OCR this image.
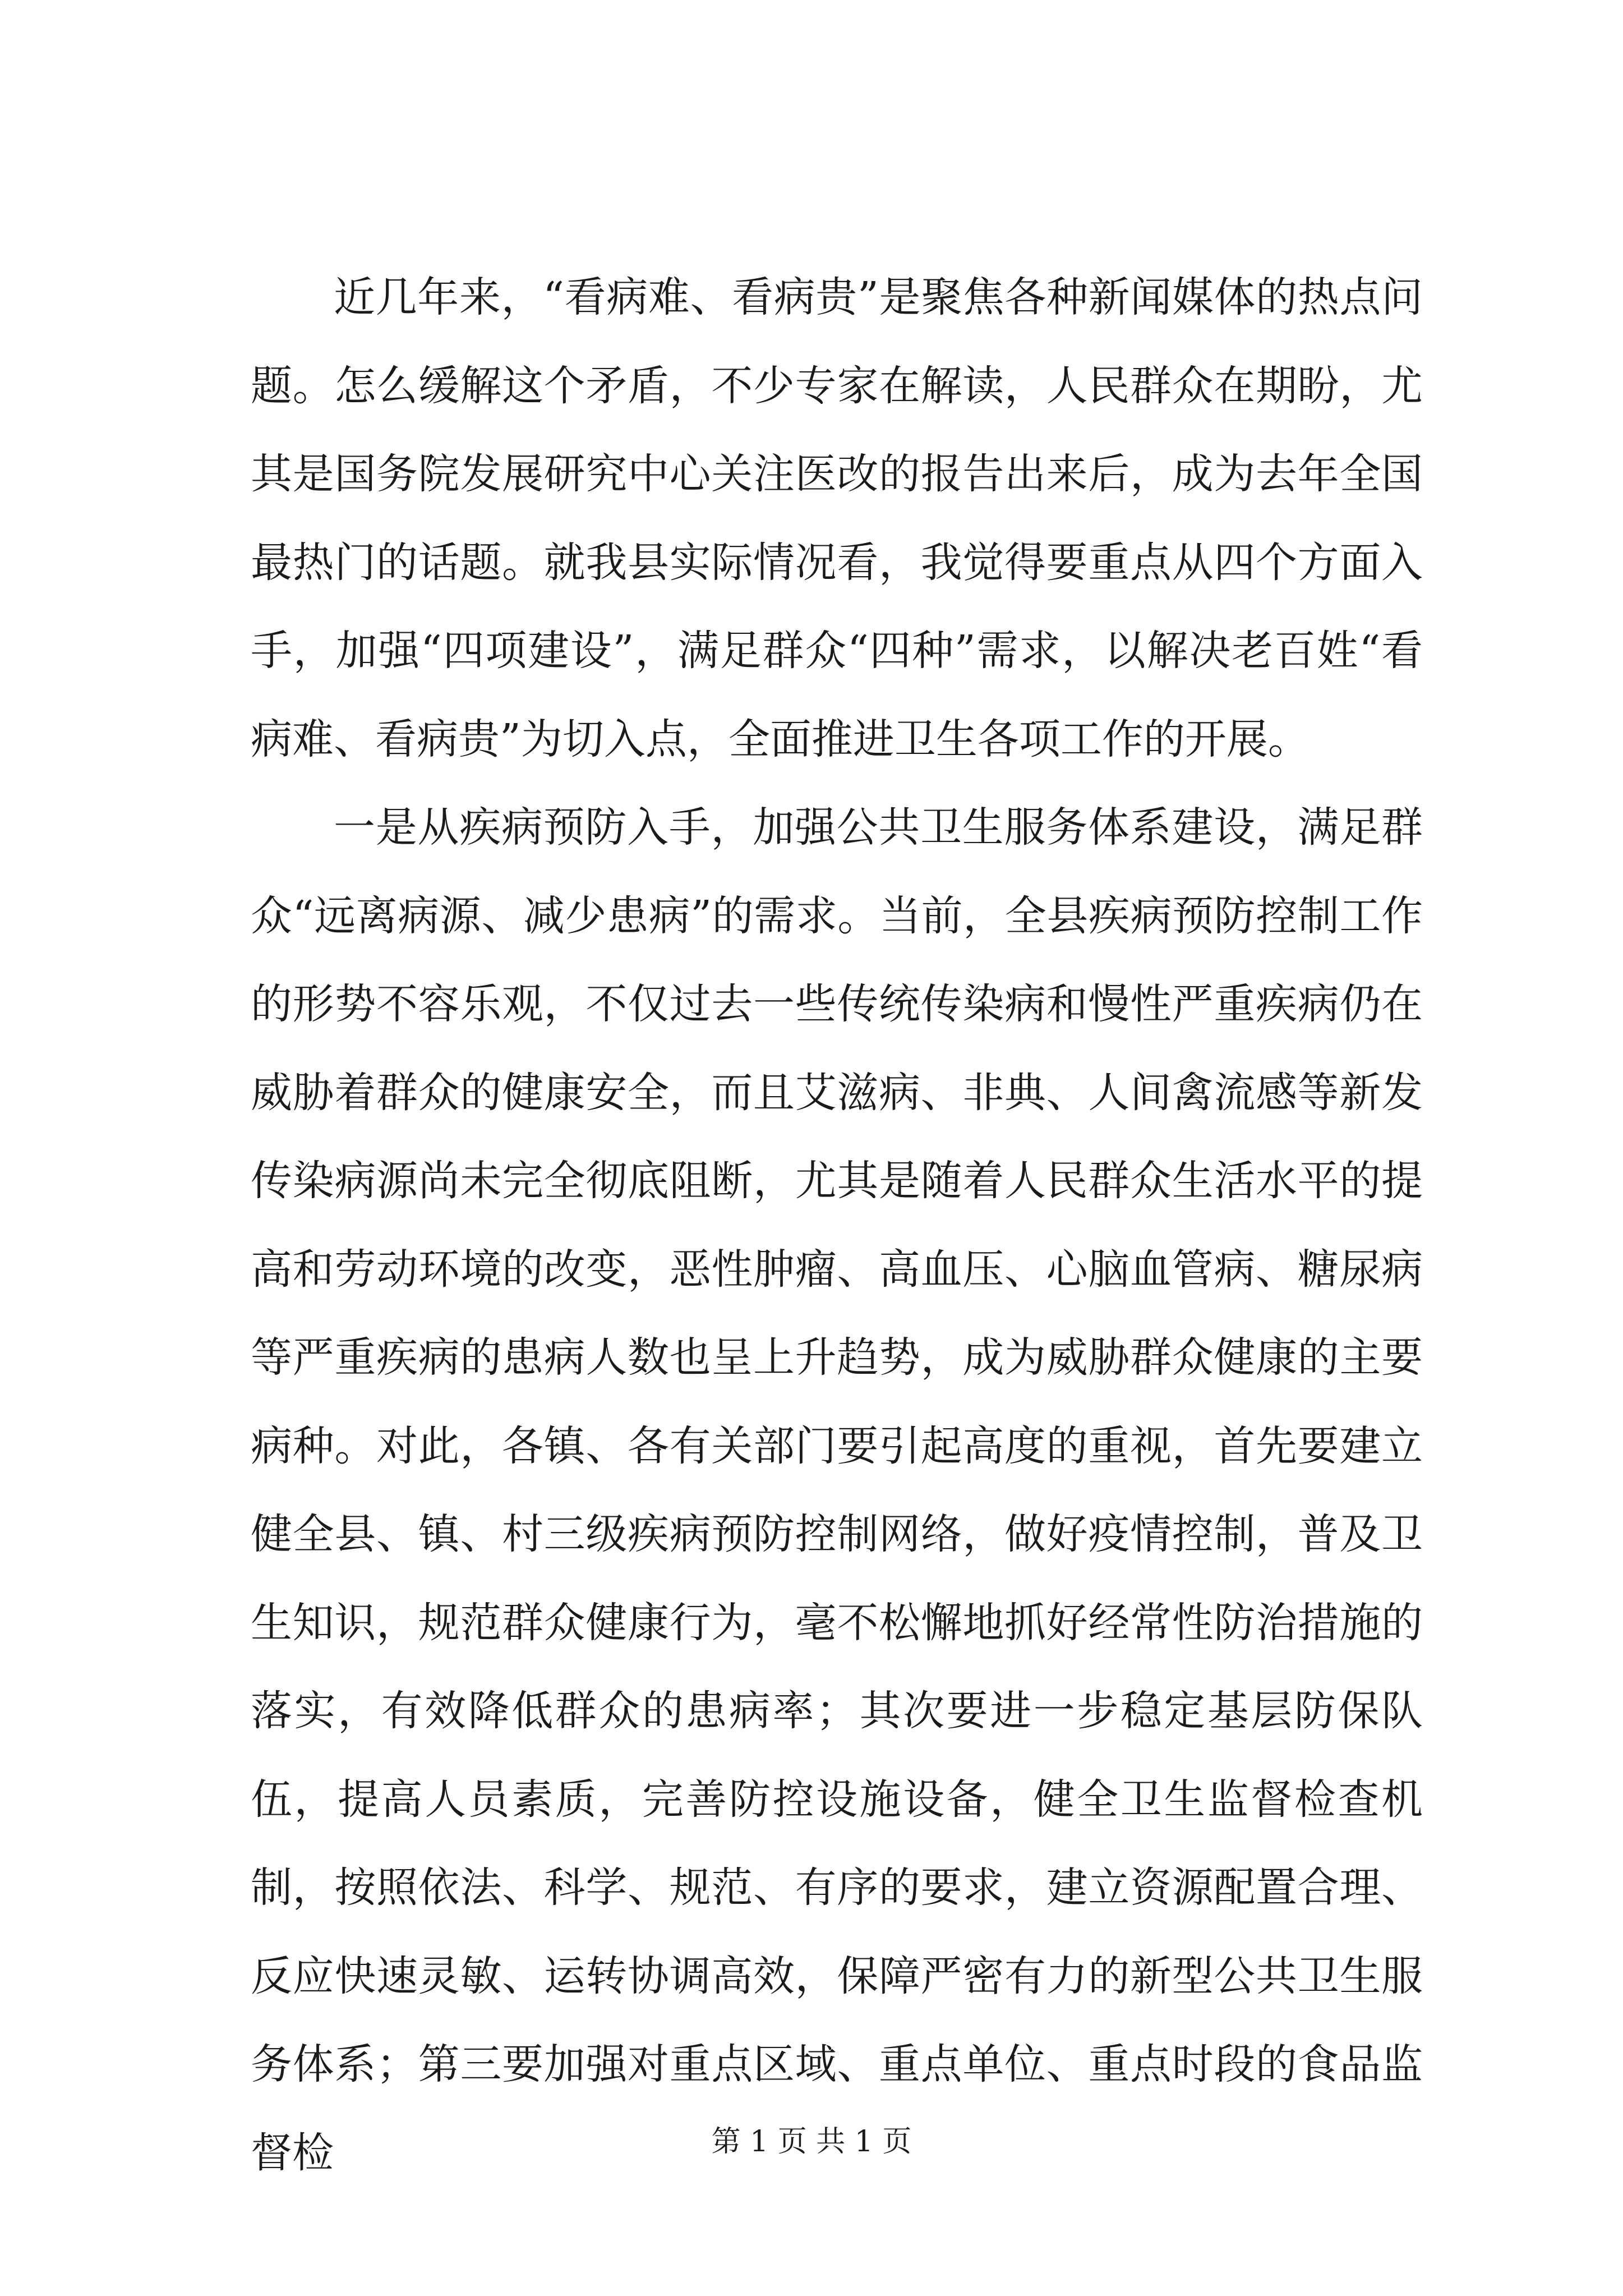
近几年来，“看病难、看病贵”是聚焦各种新闻媒体的热点问题。怎么缓解这个矛盾，不少专家在解读，人民群众在期盼，尤其是国务院发展研究中心关注医改的报告出来后，成为去年全国最热门的话题。就我县实际情况看，我觉得要重点从四个方面入手，加强“四项建设”，满足群众“四种”需求，以解决老百姓“看病难、看病贵”为切入点，全面推进卫生各项工作的开展。

一是从疾病预防入手，加强公共卫生服务体系建设，满足群众“远离病源、减少患病”的需求。当前，全县疾病预防控制工作的形势不容乐观，不仅过去一些传统传染病和慢性严重疾病仍在威胁着群众的健康安全，而且艾滋病、非典、人间禽流感等新发传染病源尚未完全彻底阻断，尤其是随着人民群众生活水平的提高和劳动环境的改变，恶性肿瘤、高血压、心脑血管病、糖尿病等严重疾病的患病人数也呈上升趋势，成为威胁群众健康的主要病种。对此，各镇、各有关部门要引起高度的重视，首先要建立健全县、镇、村三级疾病预防控制网络，做好疫情控制，普及卫生知识，规范群众健康行为，毫不松懈地抓好经常性防治措施的落实，有效降低群众的患病率；其次要进一步稳定基层防保队伍，提高人员素质，完善防控设施设备，健全卫生监督检查机制，按照依法、科学、规范、有序的要求，建立资源配置合理、反应快速灵敏、运转协调高效，保障严密有力的新型公共卫生服务体系；第三要加强对重点区域、重点单位、重点时段的食品监督检	第 1 页 共 1 页
